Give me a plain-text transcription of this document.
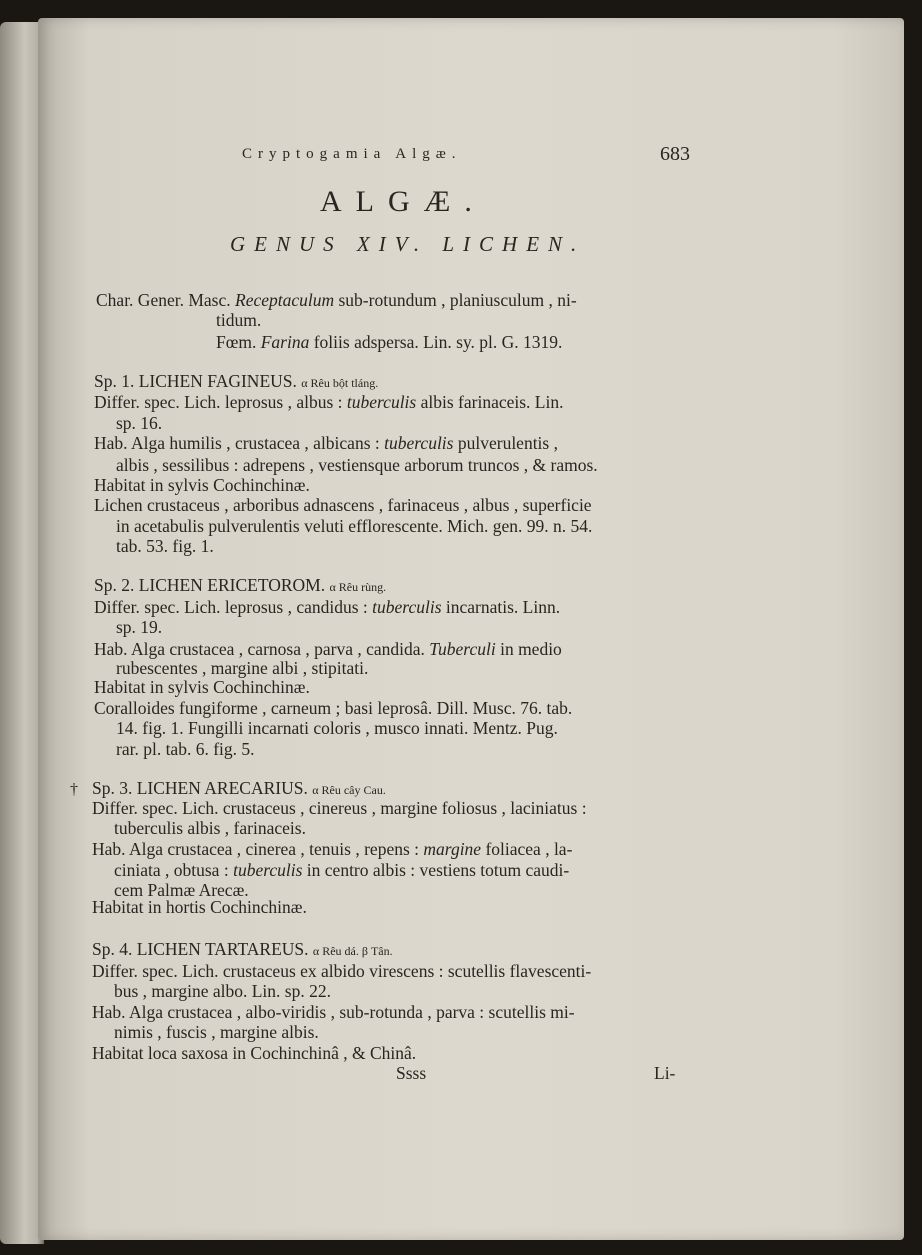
Cryptogamia Algæ.	683
ALGÆ.
GENUS XIV. LICHEN.
Char. Gener. Masc. Receptaculum sub-rotundum , planiusculum , ni-
tidum.
Fœm. Farina foliis adspersa. Lin. sy. pl. G. 1319.
Sp. 1. LICHEN FAGINEUS. α Rêu bột tláng.
Differ. spec. Lich. leprosus , albus : tuberculis albis farinaceis. Lin.
sp. 16.
Hab. Alga humilis , crustacea , albicans : tuberculis pulverulentis ,
albis , sessilibus : adrepens , vestiensque arborum truncos , & ramos.
Habitat in sylvis Cochinchinæ.
Lichen crustaceus , arboribus adnascens , farinaceus , albus , superficie
in acetabulis pulverulentis veluti efflorescente. Mich. gen. 99. n. 54.
tab. 53. fig. 1.
Sp. 2. LICHEN ERICETOROM. α Rêu rùng.
Differ. spec. Lich. leprosus , candidus : tuberculis incarnatis. Linn.
sp. 19.
Hab. Alga crustacea , carnosa , parva , candida. Tuberculi in medio
rubescentes , margine albi , stipitati.
Habitat in sylvis Cochinchinæ.
Coralloides fungiforme , carneum ; basi leprosâ. Dill. Musc. 76. tab.
14. fig. 1. Fungilli incarnati coloris , musco innati. Mentz. Pug.
rar. pl. tab. 6. fig. 5.
† Sp. 3. LICHEN ARECARIUS. α Rêu cây Cau.
Differ. spec. Lich. crustaceus , cinereus , margine foliosus , laciniatus :
tuberculis albis , farinaceis.
Hab. Alga crustacea , cinerea , tenuis , repens : margine foliacea , la-
ciniata , obtusa : tuberculis in centro albis : vestiens totum caudi-
cem Palmæ Arecæ.
Habitat in hortis Cochinchinæ.
Sp. 4. LICHEN TARTAREUS. α Rêu dá. β Tân.
Differ. spec. Lich. crustaceus ex albido virescens : scutellis flavescenti-
bus , margine albo. Lin. sp. 22.
Hab. Alga crustacea , albo-viridis , sub-rotunda , parva : scutellis mi-
nimis , fuscis , margine albis.
Habitat loca saxosa in Cochinchinâ , & Chinâ.
Ssss	Li-
